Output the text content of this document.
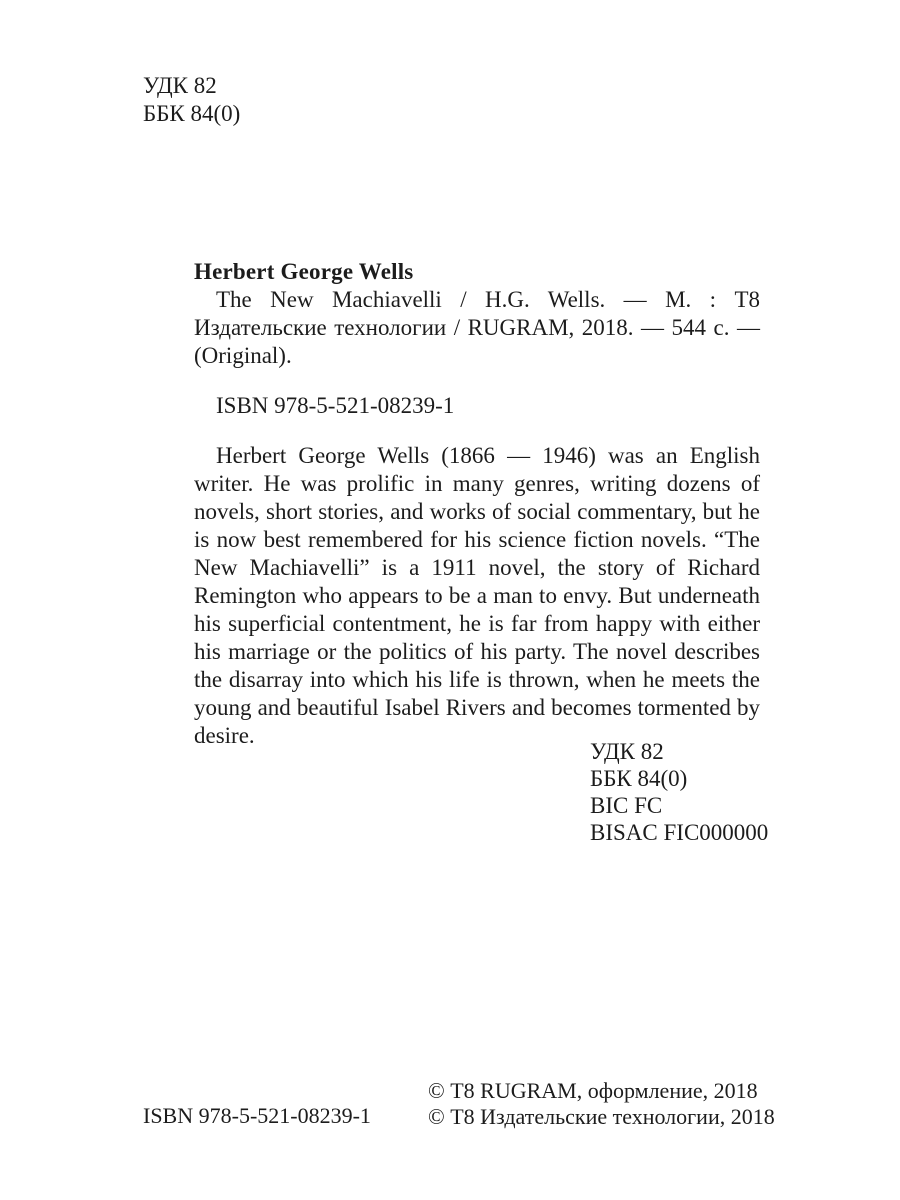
УДК 82
ББК 84(0)
Herbert George Wells

The New Machiavelli / H.G. Wells. — М. : Т8 Издательские технологии / RUGRAM, 2018. — 544 с. — (Original).

ISBN 978-5-521-08239-1
Herbert George Wells (1866 — 1946) was an English writer. He was prolific in many genres, writing dozens of novels, short stories, and works of social commentary, but he is now best remembered for his science fiction novels. “The New Machiavelli” is a 1911 novel, the story of Richard Remington who appears to be a man to envy. But underneath his superficial contentment, he is far from happy with either his marriage or the politics of his party. The novel describes the disarray into which his life is thrown, when he meets the young and beautiful Isabel Rivers and becomes tormented by desire.
УДК 82
ББК 84(0)
BIC FC
BISAC FIC000000
ISBN 978-5-521-08239-1
© Т8 RUGRAM, оформление, 2018
© Т8 Издательские технологии, 2018
